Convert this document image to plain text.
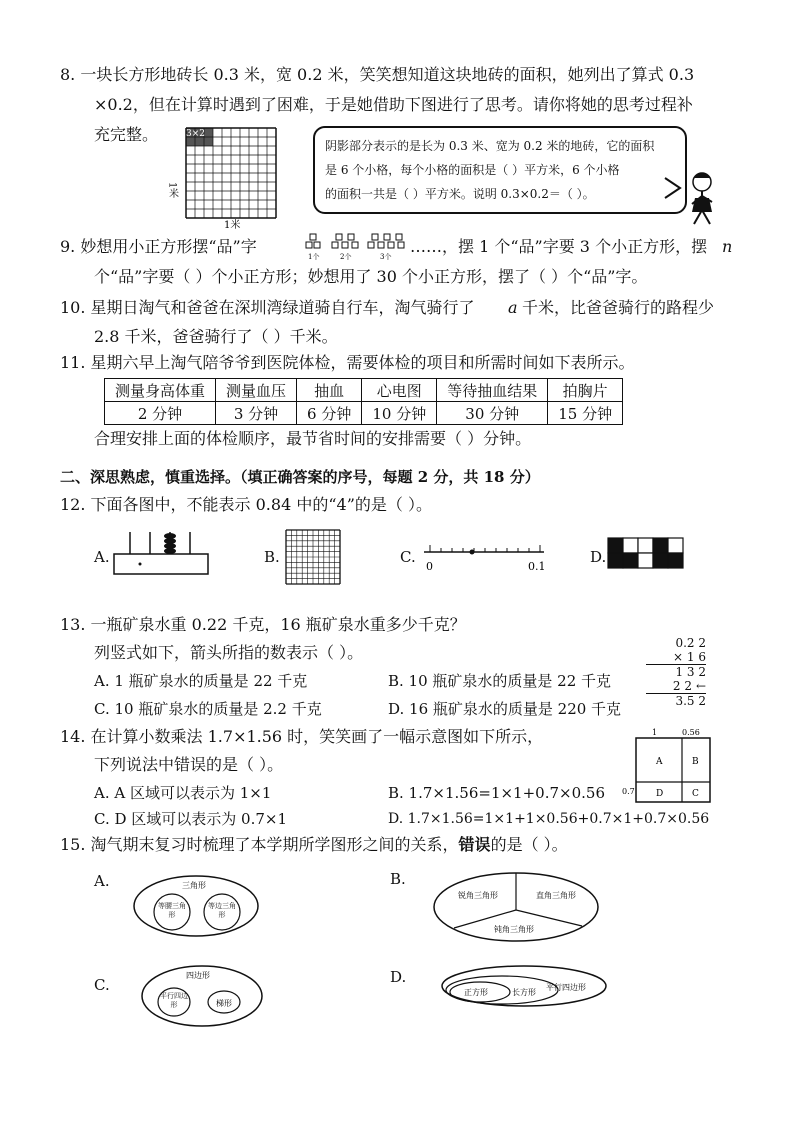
8. 一块长方形地砖长 0.3 米，宽 0.2 米，笑笑想知道这块地砖的面积，她列出了算式 0.3
×0.2，但在计算时遇到了困难，于是她借助下图进行了思考。请你将她的思考过程补
充完整。
1米
3×2
1米
阴影部分表示的是长为 0.3 米、宽为 0.2 米的地砖，它的面积
是 6 个小格，每个小格的面积是（ ）平方米，6 个小格
的面积一共是（ ）平方米。说明 0.3×0.2＝（ ）。
9. 妙想用小正方形摆“品”字
1个	2个	3个
……，摆 1 个“品”字要 3 个小正方形，摆 n
个“品”字要（ ）个小正方形；妙想用了 30 个小正方形，摆了（ ）个“品”字。
10. 星期日淘气和爸爸在深圳湾绿道骑自行车，淘气骑行了 a 千米，比爸爸骑行的路程少
2.8 千米，爸爸骑行了（ ）千米。
11. 星期六早上淘气陪爷爷到医院体检，需要体检的项目和所需时间如下表所示。
测量身高体重	测量血压	抽血	心电图	等待抽血结果	拍胸片
2 分钟	3 分钟	6 分钟	10 分钟	30 分钟	15 分钟
合理安排上面的体检顺序，最节省时间的安排需要（ ）分钟。
二、深思熟虑，慎重选择。（填正确答案的序号，每题 2 分，共 18 分）
12. 下面各图中，不能表示 0.84 中的“4”的是（ ）。
A.	B.	C.
0	0.1
D.
13. 一瓶矿泉水重 0.22 千克，16 瓶矿泉水重多少千克？
列竖式如下，箭头所指的数表示（ ）。
A. 1 瓶矿泉水的质量是 22 千克	B. 10 瓶矿泉水的质量是 22 千克
C. 10 瓶矿泉水的质量是 2.2 千克	D. 16 瓶矿泉水的质量是 220 千克
0.2 2
× 1 6
1 3 2
2 2 ←
3.5 2
14. 在计算小数乘法 1.7×1.56 时，笑笑画了一幅示意图如下所示，
下列说法中错误的是（ ）。
A. A 区域可以表示为 1×1	B. 1.7×1.56=1×1+0.7×0.56
C. D 区域可以表示为 0.7×1	D. 1.7×1.56=1×1+1×0.56+0.7×1+0.7×0.56
1	0.56
0.7
A	B
D	C
15. 淘气期末复习时梳理了本学期所学图形之间的关系，错误的是（ ）。
A.	三角形
等腰三角形
等边三角形
B.
锐角三角形	直角三角形
钝角三角形
C.
四边形
平行四边形	梯形
D.
正方形	长方形
平行四边形
